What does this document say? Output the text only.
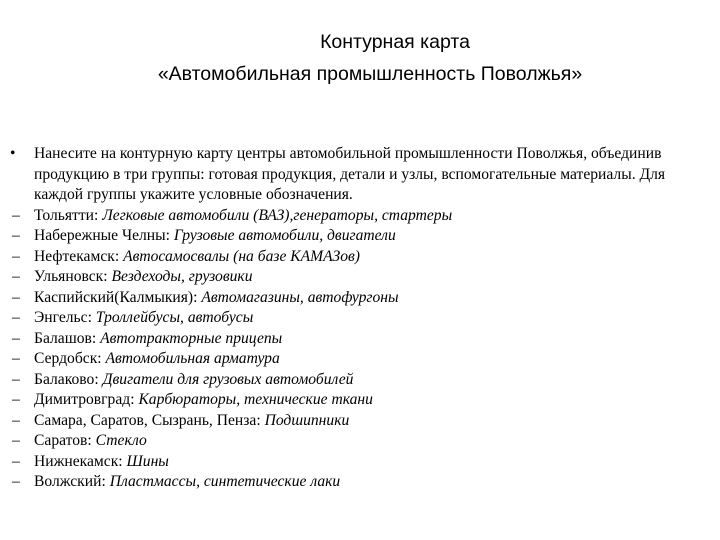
Контурная карта
«Автомобильная промышленность Поволжья»

• Нанесите на контурную карту центры автомобильной промышленности Поволжья, объединив продукцию в три группы: готовая продукция, детали и узлы, вспомогательные материалы. Для каждой группы укажите условные обозначения.

– Тольятти: Легковые автомобили (ВАЗ),генераторы, стартеры
– Набережные Челны: Грузовые автомобили, двигатели
– Нефтекамск: Автосамосвалы (на базе КАМАЗов)
– Ульяновск: Вездеходы, грузовики
– Каспийский(Калмыкия): Автомагазины, автофургоны
– Энгельс: Троллейбусы, автобусы
– Балашов: Автотракторные прицепы
– Сердобск: Автомобильная арматура
– Балаково: Двигатели для грузовых автомобилей
– Димитровград: Карбюраторы, технические ткани
– Самара, Саратов, Сызрань, Пенза: Подшипники
– Саратов: Стекло
– Нижнекамск: Шины
– Волжский: Пластмассы, синтетические лаки
